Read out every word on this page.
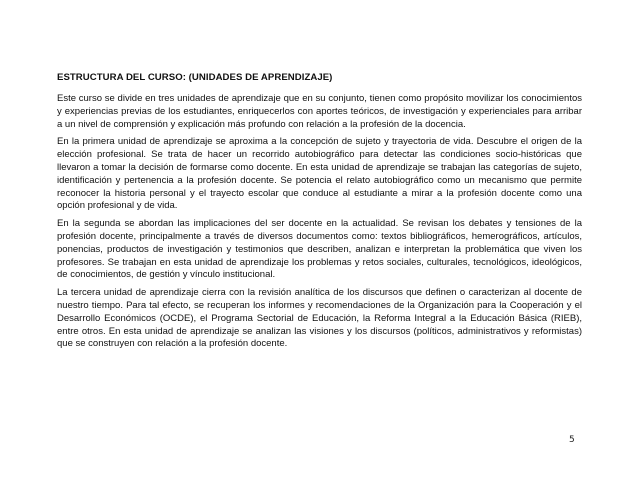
ESTRUCTURA DEL CURSO: (UNIDADES DE APRENDIZAJE)

Este curso se divide en tres unidades de aprendizaje que en su conjunto, tienen como propósito movilizar los conocimientos y experiencias previas de los estudiantes, enriquecerlos con aportes teóricos, de investigación y experienciales para arribar a un nivel de comprensión y explicación más profundo con relación a la profesión de la docencia.

En la primera unidad de aprendizaje se aproxima a la concepción de sujeto y trayectoria de vida. Descubre el origen de la elección profesional. Se trata de hacer un recorrido autobiográfico para detectar las condiciones socio-históricas que llevaron a tomar la decisión de formarse como docente. En esta unidad de aprendizaje se trabajan las categorías de sujeto, identificación y pertenencia a la profesión docente. Se potencia el relato autobiográfico como un mecanismo que permite reconocer la historia personal y el trayecto escolar que conduce al estudiante a mirar a la profesión docente como una opción profesional y de vida.

En la segunda se abordan las implicaciones del ser docente en la actualidad. Se revisan los debates y tensiones de la profesión docente, principalmente a través de diversos documentos como: textos bibliográficos, hemerográficos, artículos, ponencias, productos de investigación y testimonios que describen, analizan e interpretan la problemática que viven los profesores. Se trabajan en esta unidad de aprendizaje los problemas y retos sociales, culturales, tecnológicos, ideológicos, de conocimientos, de gestión y vínculo institucional.

La tercera unidad de aprendizaje cierra con la revisión analítica de los discursos que definen o caracterizan al docente de nuestro tiempo. Para tal efecto, se recuperan los informes y recomendaciones de la Organización para la Cooperación y el Desarrollo Económicos (OCDE), el Programa Sectorial de Educación, la Reforma Integral a la Educación Básica (RIEB), entre otros. En esta unidad de aprendizaje se analizan las visiones y los discursos (políticos, administrativos y reformistas) que se construyen con relación a la profesión docente.

5
